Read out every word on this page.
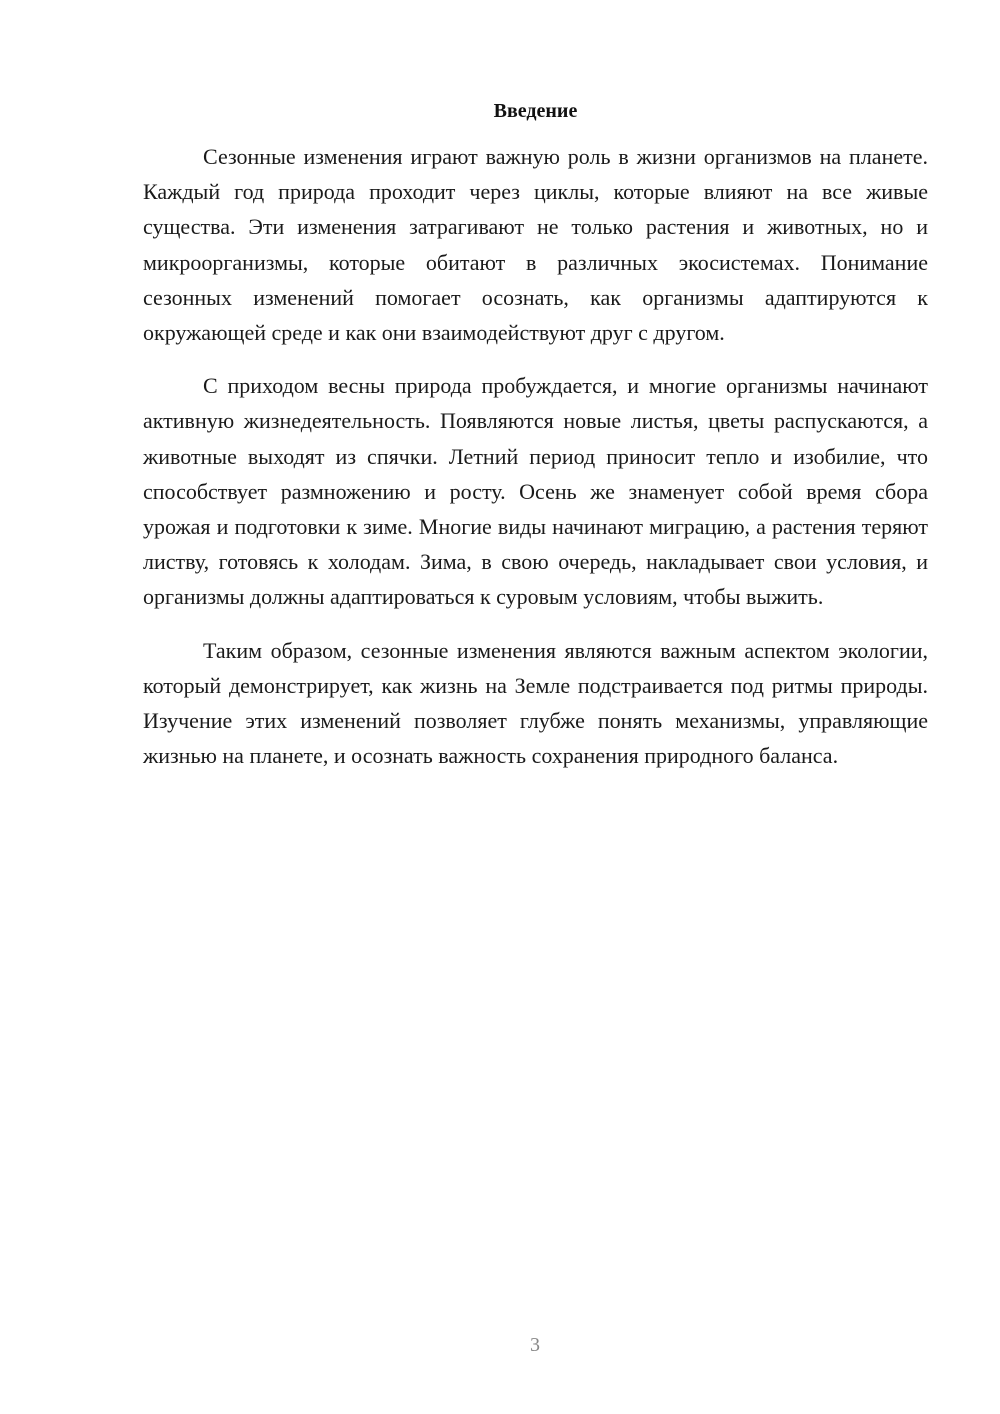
Введение

Сезонные изменения играют важную роль в жизни организмов на планете. Каждый год природа проходит через циклы, которые влияют на все живые существа. Эти изменения затрагивают не только растения и животных, но и микроорганизмы, которые обитают в различных экосистемах. Понимание сезонных изменений помогает осознать, как организмы адаптируются к окружающей среде и как они взаимодействуют друг с другом.

С приходом весны природа пробуждается, и многие организмы начинают активную жизнедеятельность. Появляются новые листья, цветы распускаются, а животные выходят из спячки. Летний период приносит тепло и изобилие, что способствует размножению и росту. Осень же знаменует собой время сбора урожая и подготовки к зиме. Многие виды начинают миграцию, а растения теряют листву, готовясь к холодам. Зима, в свою очередь, накладывает свои условия, и организмы должны адаптироваться к суровым условиям, чтобы выжить.

Таким образом, сезонные изменения являются важным аспектом экологии, который демонстрирует, как жизнь на Земле подстраивается под ритмы природы. Изучение этих изменений позволяет глубже понять механизмы, управляющие жизнью на планете, и осознать важность сохранения природного баланса.

3
